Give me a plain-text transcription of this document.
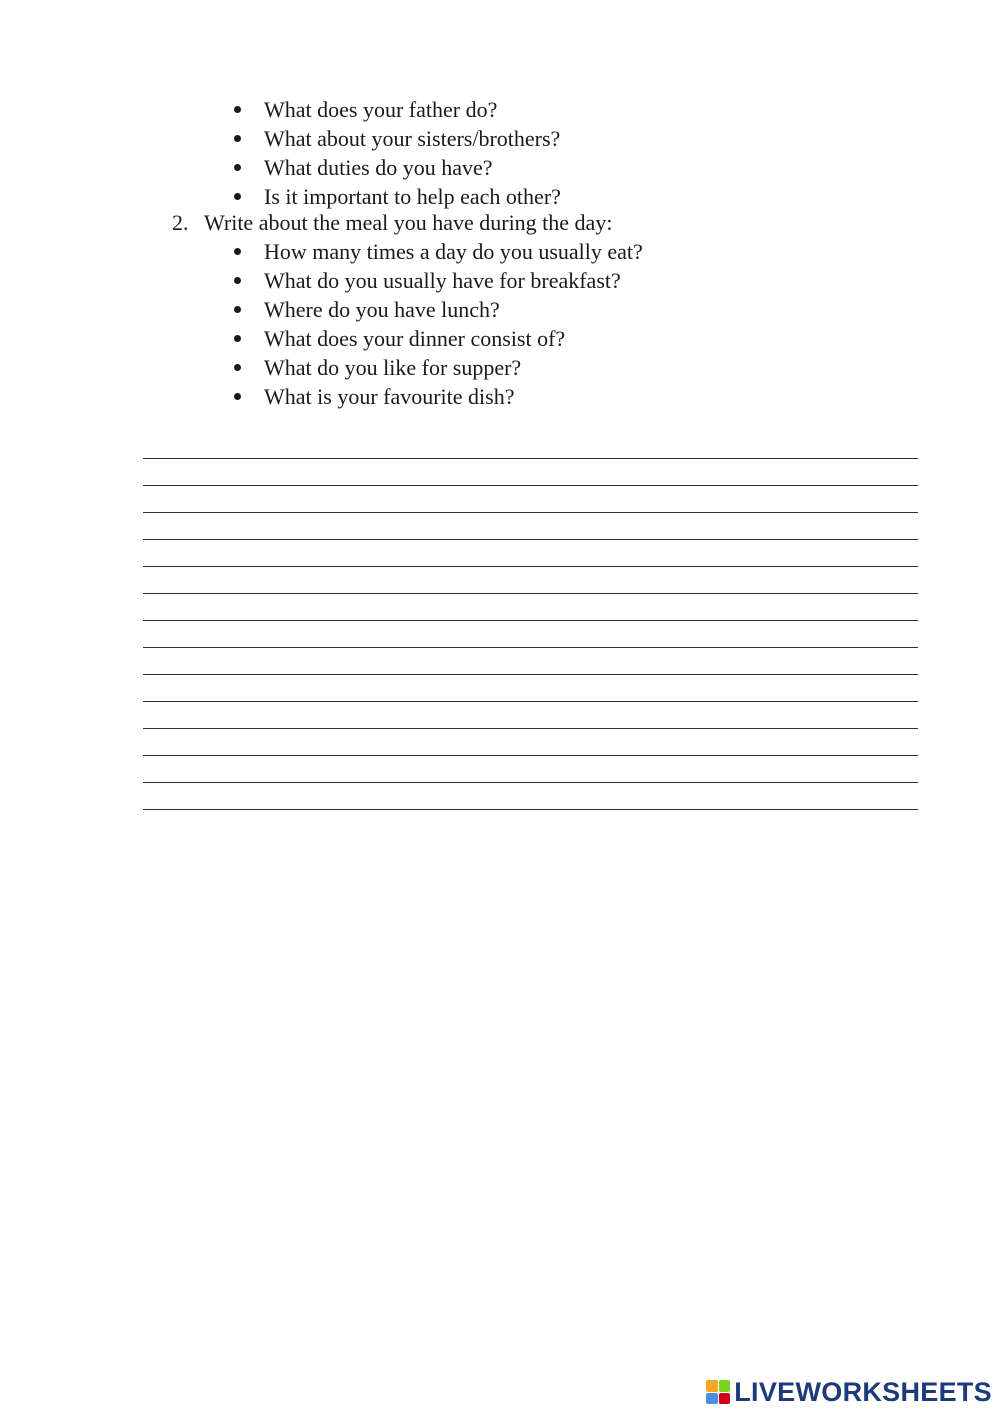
What does your father do?
What about your sisters/brothers?
What duties do you have?
Is it important to help each other?
2. Write about the meal you have during the day:
How many times a day do you usually eat?
What do you usually have for breakfast?
Where do you have lunch?
What does your dinner consist of?
What do you like for supper?
What is your favourite dish?
LIVEWORKSHEETS
